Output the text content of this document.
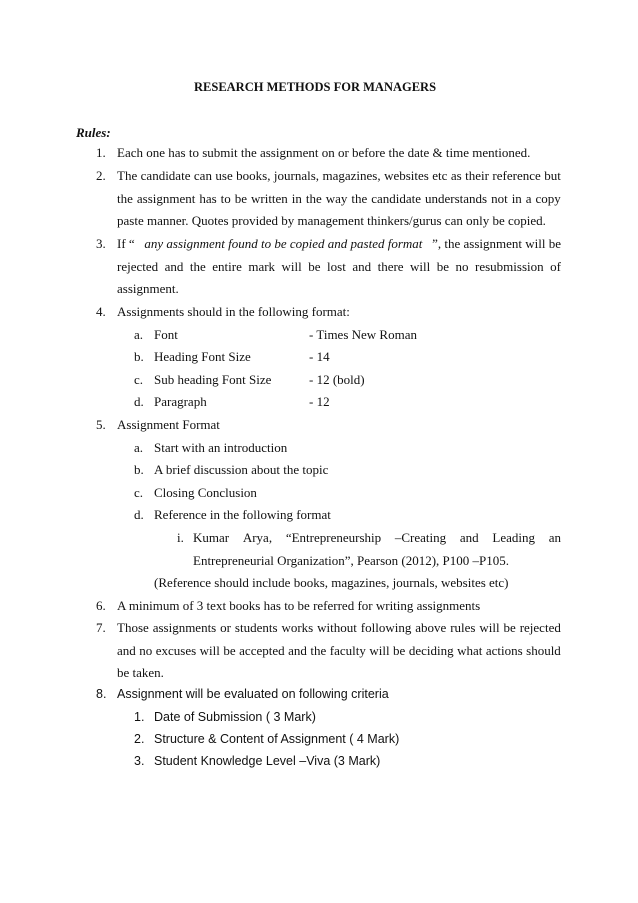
RESEARCH METHODS FOR MANAGERS
Rules:
1. Each one has to submit the assignment on or before the date & time mentioned.
2. The candidate can use books, journals, magazines, websites etc as their reference but
the assignment has to be written in the way the candidate understands not in a copy
paste manner. Quotes provided by management thinkers/gurus can only be copied.
3. If “ any assignment found to be copied and pasted format ”, the assignment will be
rejected and the entire mark will be lost and there will be no resubmission of
assignment.
4. Assignments should in the following format:
a. Font	- Times New Roman
b. Heading Font Size	- 14
c. Sub heading Font Size	- 12 (bold)
d. Paragraph	- 12
5. Assignment Format
a. Start with an introduction
b. A brief discussion about the topic
c. Closing Conclusion
d. Reference in the following format
i. Kumar Arya, “Entrepreneurship –Creating and Leading an
Entrepreneurial Organization”, Pearson (2012), P100 –P105.
(Reference should include books, magazines, journals, websites etc)
6. A minimum of 3 text books has to be referred for writing assignments
7. Those assignments or students works without following above rules will be rejected
and no excuses will be accepted and the faculty will be deciding what actions should
be taken.
8. Assignment will be evaluated on following criteria
1. Date of Submission ( 3 Mark)
2. Structure & Content of Assignment ( 4 Mark)
3. Student Knowledge Level –Viva (3 Mark)
